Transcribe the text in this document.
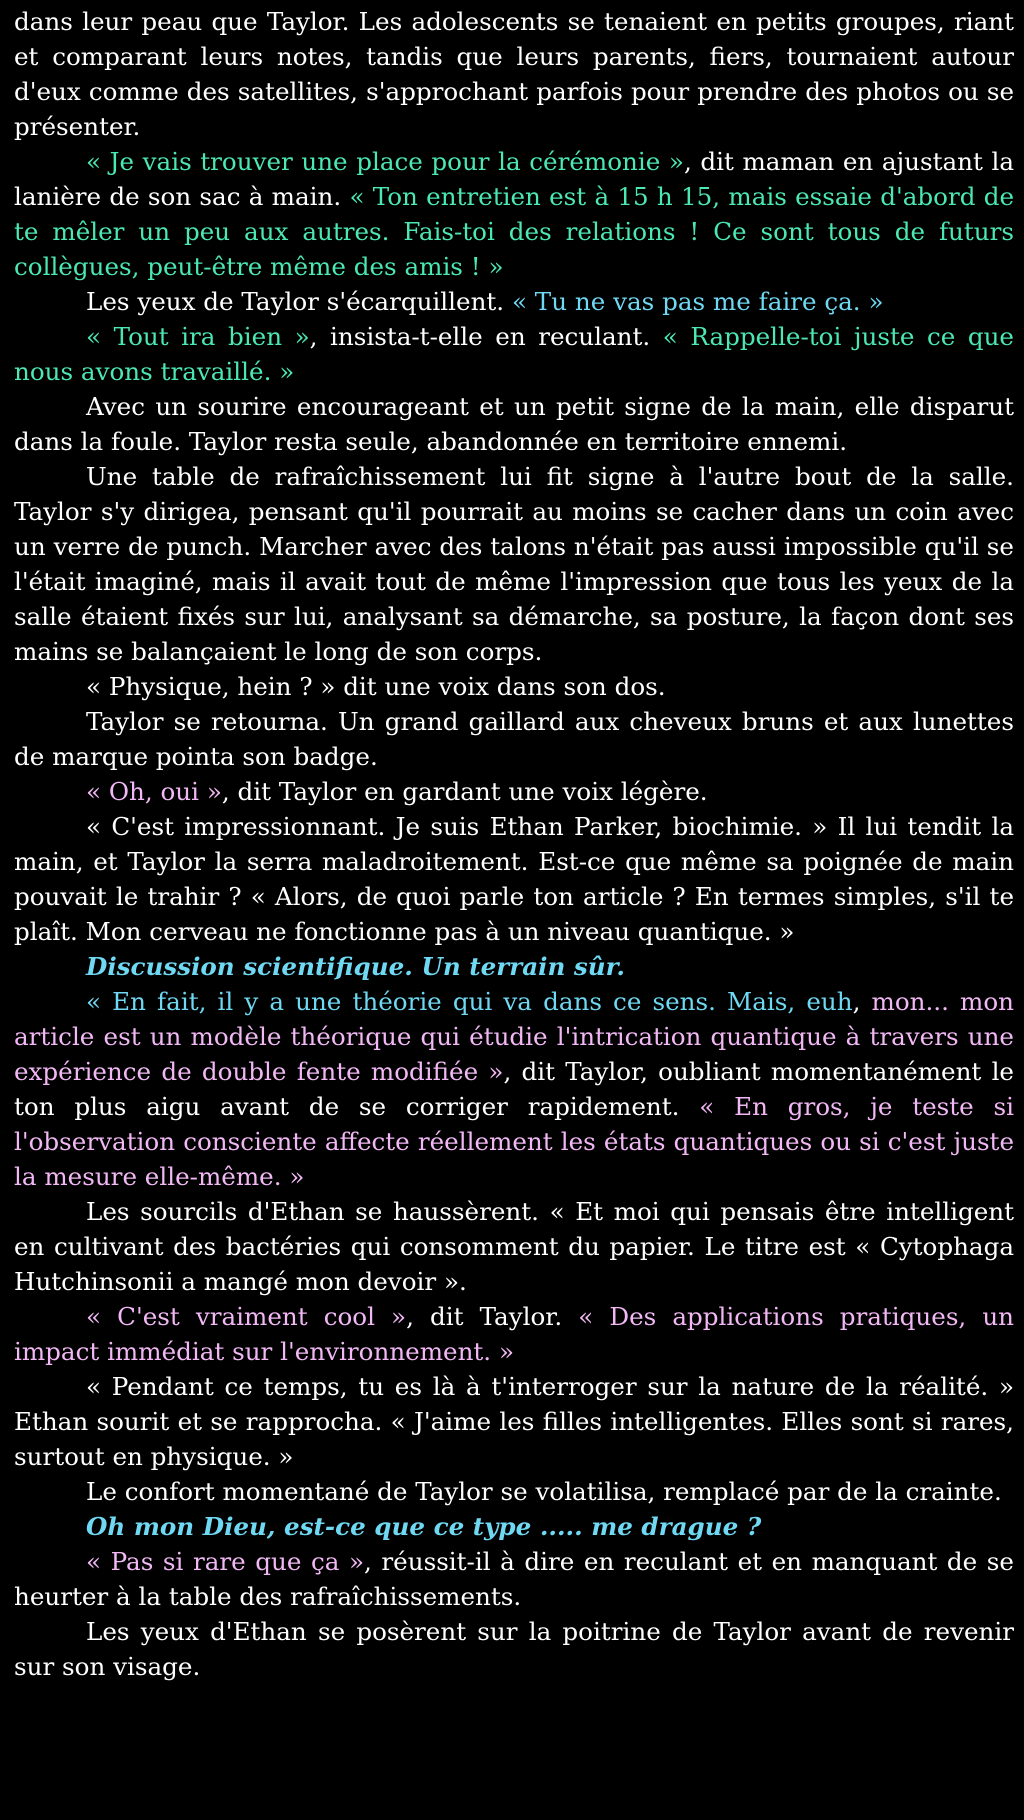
dans leur peau que Taylor. Les adolescents se tenaient en petits groupes, riant et comparant leurs notes, tandis que leurs parents, fiers, tournaient autour d'eux comme des satellites, s'approchant parfois pour prendre des photos ou se présenter.

« Je vais trouver une place pour la cérémonie », dit maman en ajustant la lanière de son sac à main. « Ton entretien est à 15 h 15, mais essaie d'abord de te mêler un peu aux autres. Fais-toi des relations ! Ce sont tous de futurs collègues, peut-être même des amis ! »

Les yeux de Taylor s'écarquillent. « Tu ne vas pas me faire ça. »

« Tout ira bien », insista-t-elle en reculant. « Rappelle-toi juste ce que nous avons travaillé. »

Avec un sourire encourageant et un petit signe de la main, elle disparut dans la foule. Taylor resta seule, abandonnée en territoire ennemi.

Une table de rafraîchissement lui fit signe à l'autre bout de la salle. Taylor s'y dirigea, pensant qu'il pourrait au moins se cacher dans un coin avec un verre de punch. Marcher avec des talons n'était pas aussi impossible qu'il se l'était imaginé, mais il avait tout de même l'impression que tous les yeux de la salle étaient fixés sur lui, analysant sa démarche, sa posture, la façon dont ses mains se balançaient le long de son corps.

« Physique, hein ? » dit une voix dans son dos.

Taylor se retourna. Un grand gaillard aux cheveux bruns et aux lunettes de marque pointa son badge.

« Oh, oui », dit Taylor en gardant une voix légère.

« C'est impressionnant. Je suis Ethan Parker, biochimie. » Il lui tendit la main, et Taylor la serra maladroitement. Est-ce que même sa poignée de main pouvait le trahir ? « Alors, de quoi parle ton article ? En termes simples, s'il te plaît. Mon cerveau ne fonctionne pas à un niveau quantique. »

Discussion scientifique. Un terrain sûr.

« En fait, il y a une théorie qui va dans ce sens. Mais, euh, mon... mon article est un modèle théorique qui étudie l'intrication quantique à travers une expérience de double fente modifiée », dit Taylor, oubliant momentanément le ton plus aigu avant de se corriger rapidement. « En gros, je teste si l'observation consciente affecte réellement les états quantiques ou si c'est juste la mesure elle-même. »

Les sourcils d'Ethan se haussèrent. « Et moi qui pensais être intelligent en cultivant des bactéries qui consomment du papier. Le titre est « Cytophaga Hutchinsonii a mangé mon devoir ».

« C'est vraiment cool », dit Taylor. « Des applications pratiques, un impact immédiat sur l'environnement. »

« Pendant ce temps, tu es là à t'interroger sur la nature de la réalité. » Ethan sourit et se rapprocha. « J'aime les filles intelligentes. Elles sont si rares, surtout en physique. »

Le confort momentané de Taylor se volatilisa, remplacé par de la crainte.

Oh mon Dieu, est-ce que ce type ..... me drague ?

« Pas si rare que ça », réussit-il à dire en reculant et en manquant de se heurter à la table des rafraîchissements.

Les yeux d'Ethan se posèrent sur la poitrine de Taylor avant de revenir sur son visage.
